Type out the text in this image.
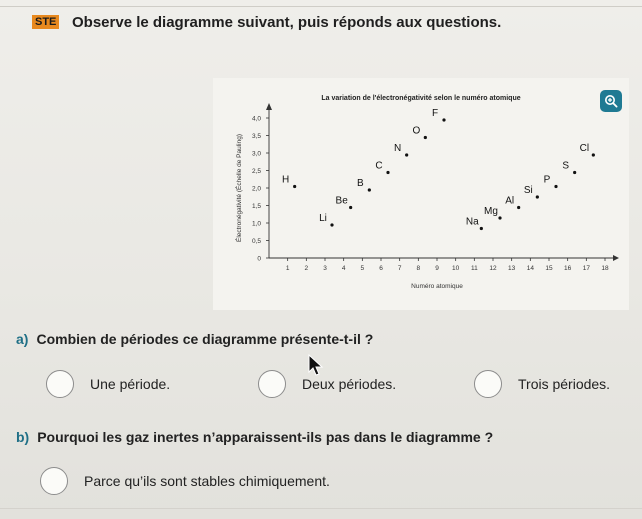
STE Observe le diagramme suivant, puis réponds aux questions.
La variation de l'électronégativité selon le numéro atomique
0
0,5
1,0
1,5
2,0
2,5
3,0
3,5
4,0
1 2 3 4 5 6 7 8 9 10 11 12 13 14 15 16 17 18
Numéro atomique
Électronégativité (Échelle de Pauling)	H
Li
Be
B
C
N
O
F
Na
Mg
Al
Si
P
S
Cl
a) Combien de périodes ce diagramme présente-t-il ?
Une période.	Deux périodes.	Trois périodes.
b) Pourquoi les gaz inertes n’apparaissent-ils pas dans le diagramme ?
Parce qu’ils sont stables chimiquement.
